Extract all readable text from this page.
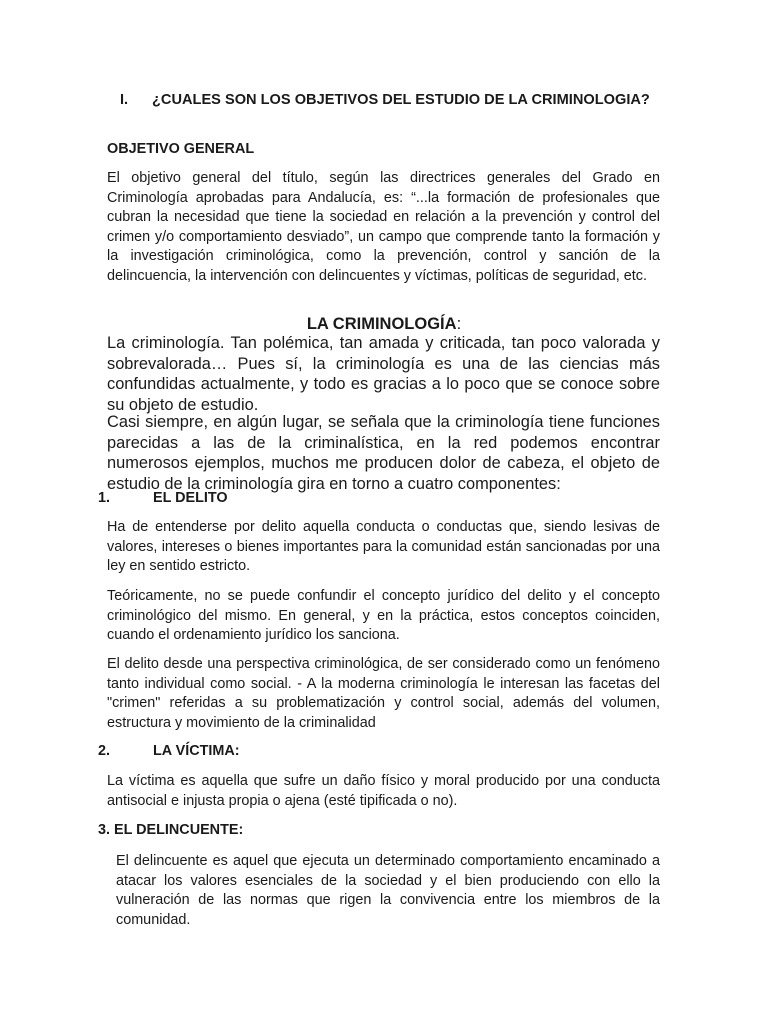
I. ¿CUALES SON LOS OBJETIVOS DEL ESTUDIO DE LA CRIMINOLOGIA?
OBJETIVO GENERAL

El objetivo general del título, según las directrices generales del Grado en Criminología aprobadas para Andalucía, es: “...la formación de profesionales que cubran la necesidad que tiene la sociedad en relación a la prevención y control del crimen y/o comportamiento desviado”, un campo que comprende tanto la formación y la investigación criminológica, como la prevención, control y sanción de la delincuencia, la intervención con delincuentes y víctimas, políticas de seguridad, etc.

LA CRIMINOLOGÍA:

La criminología. Tan polémica, tan amada y criticada, tan poco valorada y sobrevalorada… Pues sí, la criminología es una de las ciencias más confundidas actualmente, y todo es gracias a lo poco que se conoce sobre su objeto de estudio.

Casi siempre, en algún lugar, se señala que la criminología tiene funciones parecidas a las de la criminalística, en la red podemos encontrar numerosos ejemplos, muchos me producen dolor de cabeza, el objeto de estudio de la criminología gira en torno a cuatro componentes:

1.	EL DELITO

Ha de entenderse por delito aquella conducta o conductas que, siendo lesivas de valores, intereses o bienes importantes para la comunidad están sancionadas por una ley en sentido estricto.

Teóricamente, no se puede confundir el concepto jurídico del delito y el concepto criminológico del mismo. En general, y en la práctica, estos conceptos coinciden, cuando el ordenamiento jurídico los sanciona.

El delito desde una perspectiva criminológica, de ser considerado como un fenómeno tanto individual como social. - A la moderna criminología le interesan las facetas del "crimen" referidas a su problematización y control social, además del volumen, estructura y movimiento de la criminalidad

2.	LA VÍCTIMA:

La víctima es aquella que sufre un daño físico y moral producido por una conducta antisocial e injusta propia o ajena (esté tipificada o no).

3. EL DELINCUENTE:

El delincuente es aquel que ejecuta un determinado comportamiento encaminado a atacar los valores esenciales de la sociedad y el bien produciendo con ello la vulneración de las normas que rigen la convivencia entre los miembros de la comunidad.
